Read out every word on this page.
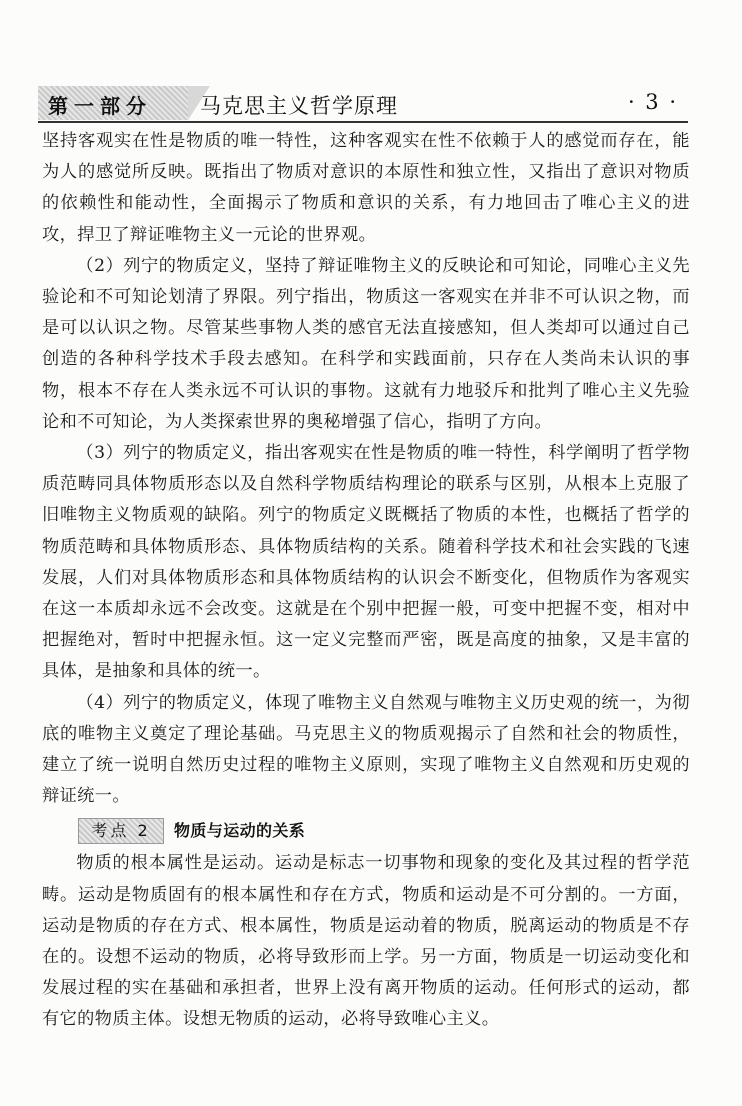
第一部分 马克思主义哲学原理	· 3 ·

坚持客观实在性是物质的唯一特性，这种客观实在性不依赖于人的感觉而存在，能为人的感觉所反映。既指出了物质对意识的本原性和独立性，又指出了意识对物质的依赖性和能动性，全面揭示了物质和意识的关系，有力地回击了唯心主义的进攻，捍卫了辩证唯物主义一元论的世界观。

（2）列宁的物质定义，坚持了辩证唯物主义的反映论和可知论，同唯心主义先验论和不可知论划清了界限。列宁指出，物质这一客观实在并非不可认识之物，而是可以认识之物。尽管某些事物人类的感官无法直接感知，但人类却可以通过自己创造的各种科学技术手段去感知。在科学和实践面前，只存在人类尚未认识的事物，根本不存在人类永远不可认识的事物。这就有力地驳斥和批判了唯心主义先验论和不可知论，为人类探索世界的奥秘增强了信心，指明了方向。

（3）列宁的物质定义，指出客观实在性是物质的唯一特性，科学阐明了哲学物质范畴同具体物质形态以及自然科学物质结构理论的联系与区别，从根本上克服了旧唯物主义物质观的缺陷。列宁的物质定义既概括了物质的本性，也概括了哲学的物质范畴和具体物质形态、具体物质结构的关系。随着科学技术和社会实践的飞速发展，人们对具体物质形态和具体物质结构的认识会不断变化，但物质作为客观实在这一本质却永远不会改变。这就是在个别中把握一般，可变中把握不变，相对中把握绝对，暂时中把握永恒。这一定义完整而严密，既是高度的抽象，又是丰富的具体，是抽象和具体的统一。

（4）列宁的物质定义，体现了唯物主义自然观与唯物主义历史观的统一，为彻底的唯物主义奠定了理论基础。马克思主义的物质观揭示了自然和社会的物质性，建立了统一说明自然历史过程的唯物主义原则，实现了唯物主义自然观和历史观的辩证统一。

考点 2	物质与运动的关系

物质的根本属性是运动。运动是标志一切事物和现象的变化及其过程的哲学范畴。运动是物质固有的根本属性和存在方式，物质和运动是不可分割的。一方面，运动是物质的存在方式、根本属性，物质是运动着的物质，脱离运动的物质是不存在的。设想不运动的物质，必将导致形而上学。另一方面，物质是一切运动变化和发展过程的实在基础和承担者，世界上没有离开物质的运动。任何形式的运动，都有它的物质主体。设想无物质的运动，必将导致唯心主义。
